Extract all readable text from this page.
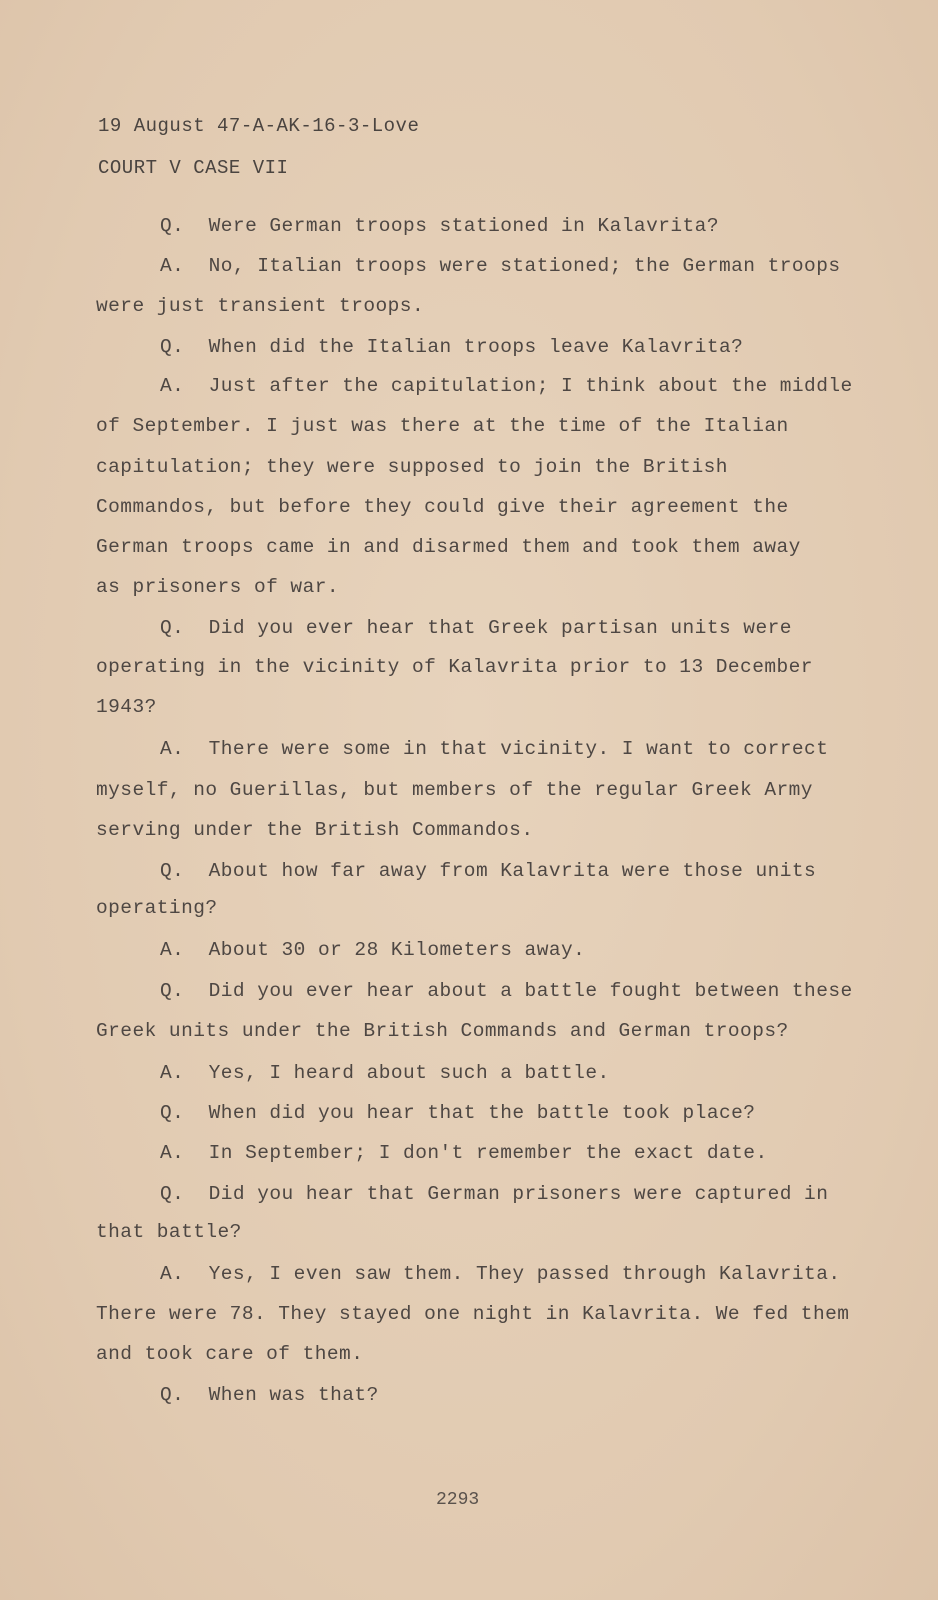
19 August 47-A-AK-16-3-Love
COURT V CASE VII
Q.  Were German troops stationed in Kalavrita?
A.  No, Italian troops were stationed; the German troops
were just transient troops.
Q.  When did the Italian troops leave Kalavrita?
A.  Just after the capitulation; I think about the middle
of September. I just was there at the time of the Italian
capitulation; they were supposed to join the British
Commandos, but before they could give their agreement the
German troops came in and disarmed them and took them away
as prisoners of war.
Q.  Did you ever hear that Greek partisan units were
operating in the vicinity of Kalavrita prior to 13 December
1943?
A.  There were some in that vicinity. I want to correct
myself, no Guerillas, but members of the regular Greek Army
serving under the British Commandos.
Q.  About how far away from Kalavrita were those units
operating?
A.  About 30 or 28 Kilometers away.
Q.  Did you ever hear about a battle fought between these
Greek units under the British Commands and German troops?
A.  Yes, I heard about such a battle.
Q.  When did you hear that the battle took place?
A.  In September; I don't remember the exact date.
Q.  Did you hear that German prisoners were captured in
that battle?
A.  Yes, I even saw them. They passed through Kalavrita.
There were 78. They stayed one night in Kalavrita. We fed them
and took care of them.
Q.  When was that?
2293
